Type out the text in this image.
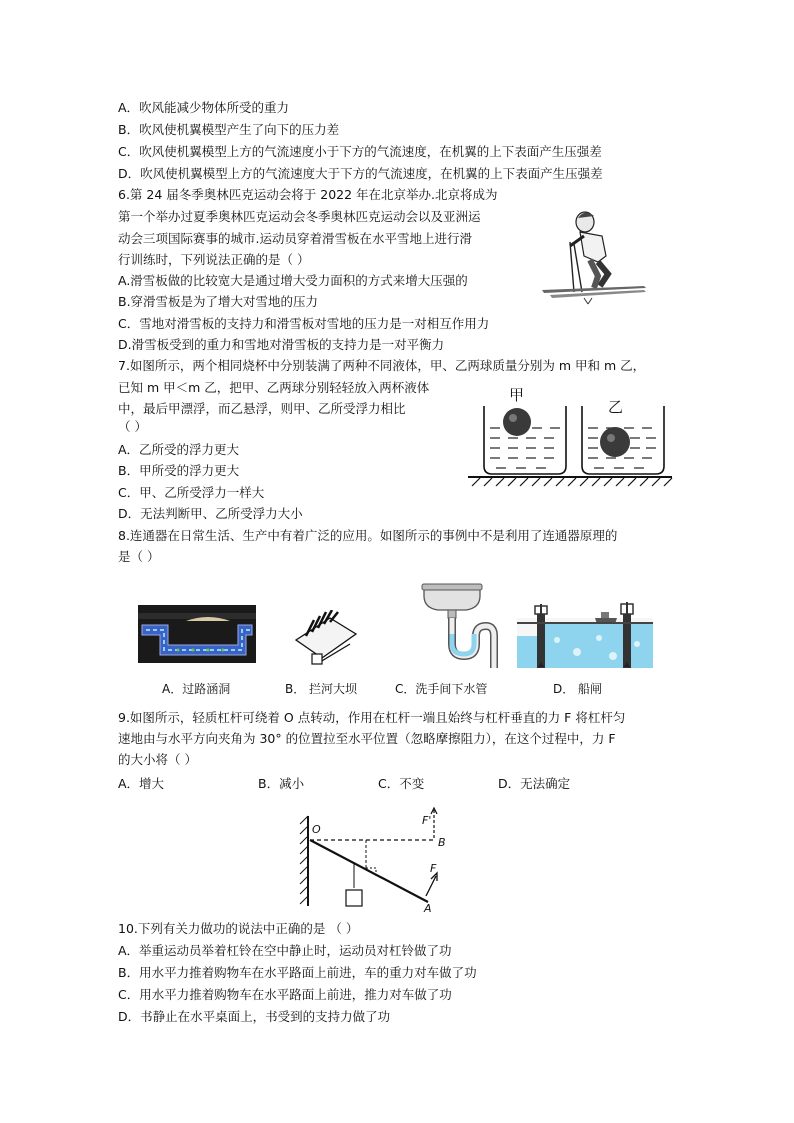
A．吹风能减少物体所受的重力
B．吹风使机翼模型产生了向下的压力差
C．吹风使机翼模型上方的气流速度小于下方的气流速度，在机翼的上下表面产生压强差
D．吹风使机翼模型上方的气流速度大于下方的气流速度，在机翼的上下表面产生压强差
6.第 24 届冬季奥林匹克运动会将于 2022 年在北京举办.北京将成为
第一个举办过夏季奥林匹克运动会冬季奥林匹克运动会以及亚洲运
动会三项国际赛事的城市.运动员穿着滑雪板在水平雪地上进行滑
行训练时，下列说法正确的是（ ）
A.滑雪板做的比较宽大是通过增大受力面积的方式来增大压强的
B.穿滑雪板是为了增大对雪地的压力
C．雪地对滑雪板的支持力和滑雪板对雪地的压力是一对相互作用力
D.滑雪板受到的重力和雪地对滑雪板的支持力是一对平衡力
7.如图所示，两个相同烧杯中分别装满了两种不同液体，甲、乙两球质量分别为 m 甲和 m 乙，
已知 m 甲＜m 乙，把甲、乙两球分别轻轻放入两杯液体
中，最后甲漂浮，而乙悬浮，则甲、乙所受浮力相比
（ ）
A．乙所受的浮力更大
B．甲所受的浮力更大
C．甲、乙所受浮力一样大
D．无法判断甲、乙所受浮力大小
甲
乙
8.连通器在日常生活、生产中有着广泛的应用。如图所示的事例中不是利用了连通器原理的
是（ ）
A．过路涵洞	B． 拦河大坝	C．洗手间下水管	D． 船闸
9.如图所示，轻质杠杆可绕着 O 点转动，作用在杠杆一端且始终与杠杆垂直的力 F 将杠杆匀
速地由与水平方向夹角为 30° 的位置拉至水平位置（忽略摩擦阻力），在这个过程中，力 F
的大小将（ ）
A．增大	B．减小	C．不变	D．无法确定
O
B
F'
A
F
10.下列有关力做功的说法中正确的是 （ ）
A．举重运动员举着杠铃在空中静止时，运动员对杠铃做了功
B．用水平力推着购物车在水平路面上前进，车的重力对车做了功
C．用水平力推着购物车在水平路面上前进，推力对车做了功
D．书静止在水平桌面上，书受到的支持力做了功
